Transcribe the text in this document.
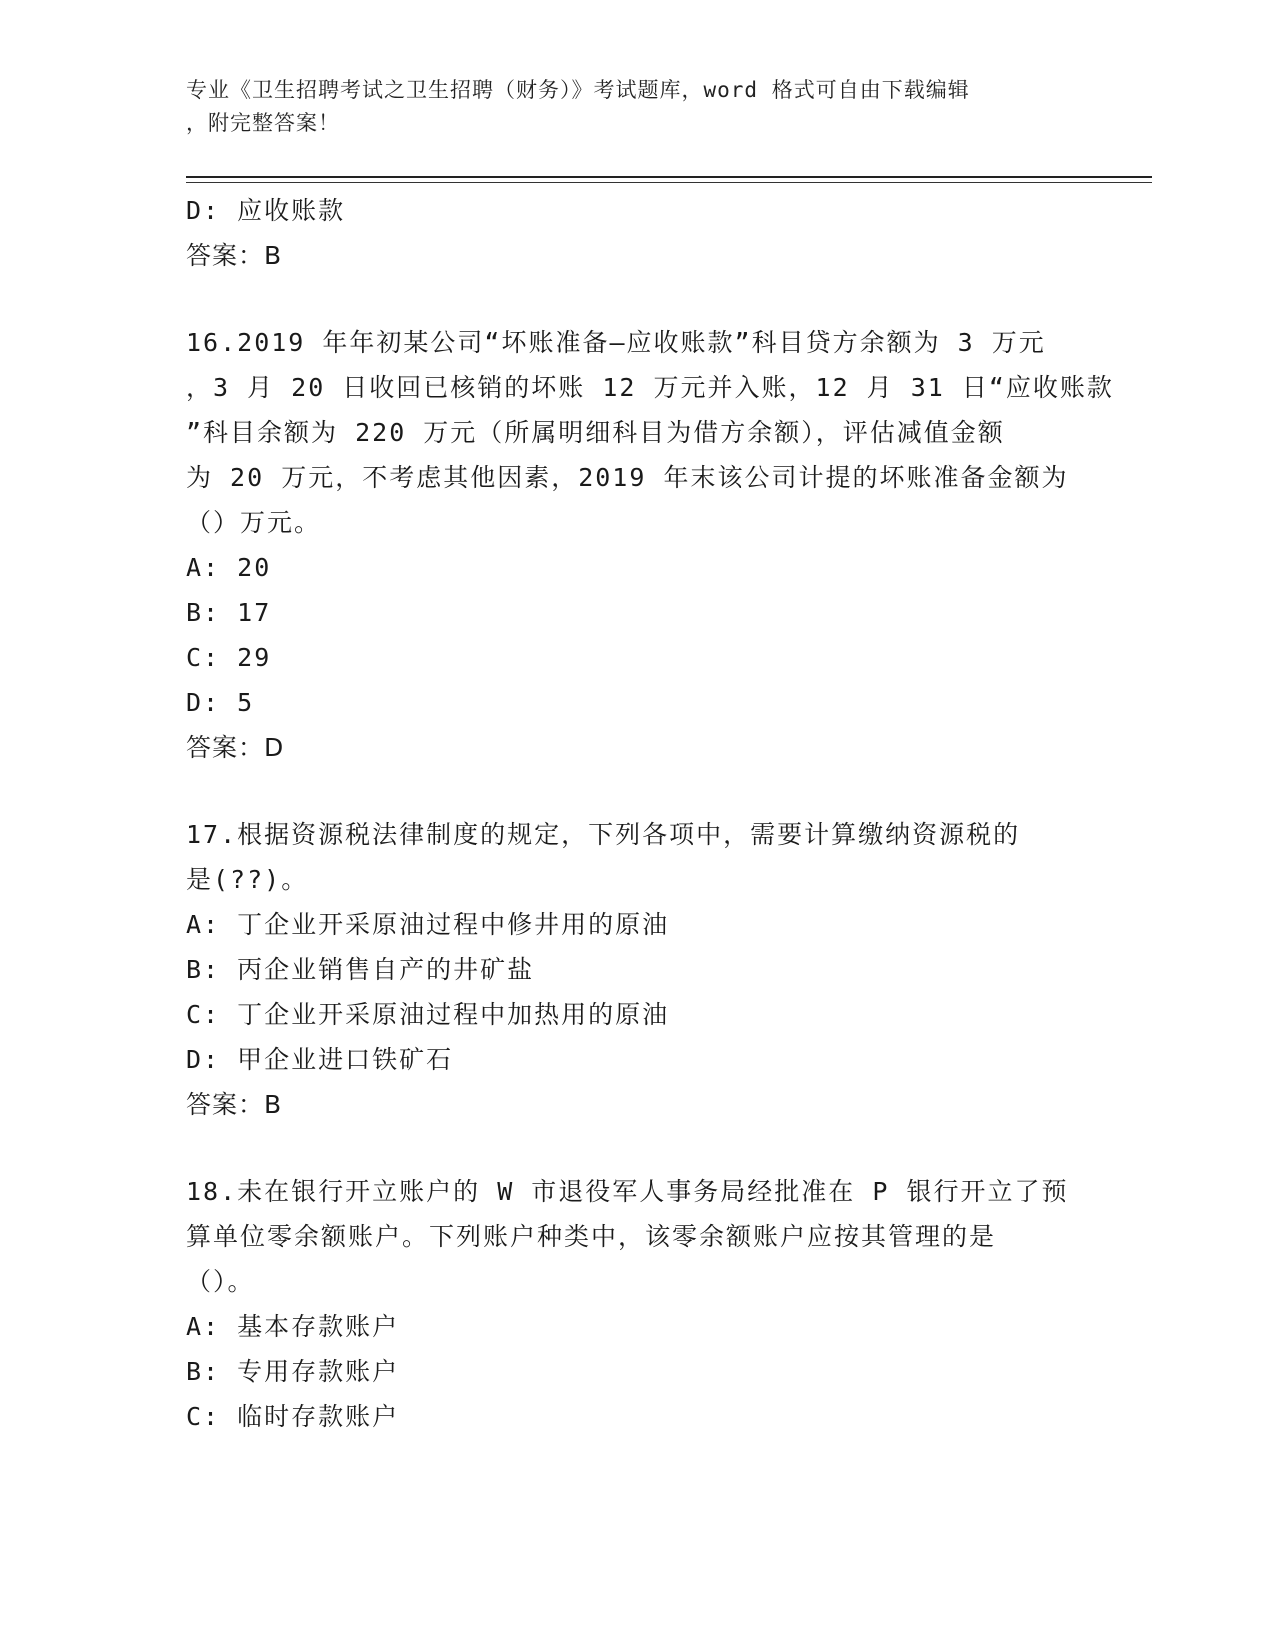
专业《卫生招聘考试之卫生招聘（财务）》考试题库，word 格式可自由下载编辑
，附完整答案！
D: 应收账款
答案：B
16.2019 年年初某公司“坏账准备—应收账款”科目贷方余额为 3 万元
，3 月 20 日收回已核销的坏账 12 万元并入账，12 月 31 日“应收账款
”科目余额为 220 万元（所属明细科目为借方余额），评估减值金额
为 20 万元，不考虑其他因素，2019 年末该公司计提的坏账准备金额为
（）万元。
A: 20
B: 17
C: 29
D: 5
答案：D
17.根据资源税法律制度的规定，下列各项中，需要计算缴纳资源税的
是(??)。
A: 丁企业开采原油过程中修井用的原油
B: 丙企业销售自产的井矿盐
C: 丁企业开采原油过程中加热用的原油
D: 甲企业进口铁矿石
答案：B
18.未在银行开立账户的 W 市退役军人事务局经批准在 P 银行开立了预
算单位零余额账户。下列账户种类中，该零余额账户应按其管理的是
（）。
A: 基本存款账户
B: 专用存款账户
C: 临时存款账户
